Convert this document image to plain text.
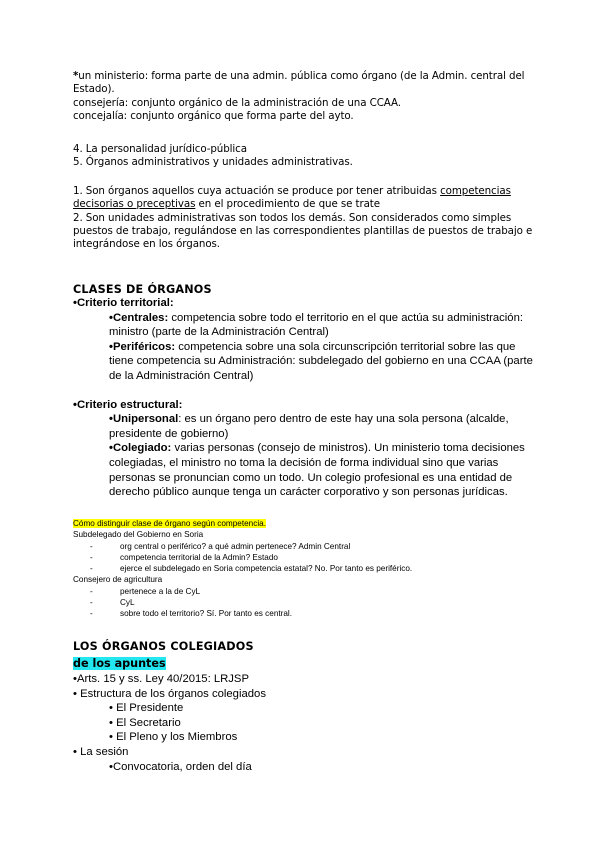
*un ministerio: forma parte de una admin. pública como órgano (de la Admin. central del Estado).
consejería: conjunto orgánico de la administración de una CCAA.
concejalía: conjunto orgánico que forma parte del ayto.
4. La personalidad jurídico-pública
5. Órganos administrativos y unidades administrativas.
1. Son órganos aquellos cuya actuación se produce por tener atribuidas competencias decisorias o preceptivas en el procedimiento de que se trate
2. Son unidades administrativas son todos los demás. Son considerados como simples puestos de trabajo, regulándose en las correspondientes plantillas de puestos de trabajo e integrándose en los órganos.
CLASES DE ÓRGANOS
•Criterio territorial:
•Centrales: competencia sobre todo el territorio en el que actúa su administración: ministro (parte de la Administración Central)
•Periféricos: competencia sobre una sola circunscripción territorial sobre las que tiene competencia su Administración: subdelegado del gobierno en una CCAA (parte de la Administración Central)
•Criterio estructural:
•Unipersonal: es un órgano pero dentro de este hay una sola persona (alcalde, presidente de gobierno)
•Colegiado: varias personas (consejo de ministros). Un ministerio toma decisiones colegiadas, el ministro no toma la decisión de forma individual sino que varias personas se pronuncian como un todo. Un colegio profesional es una entidad de derecho público aunque tenga un carácter corporativo y son personas jurídicas.
Cómo distinguir clase de órgano según competencia.
Subdelegado del Gobierno en Soria
-	org central o periférico? a qué admin pertenece? Admin Central
-	competencia territorial de la Admin? Estado
-	ejerce el subdelegado en Soria competencia estatal? No. Por tanto es periférico.
Consejero de agricultura
-	pertenece a la de CyL
-	CyL
-	sobre todo el territorio? Sí. Por tanto es central.
LOS ÓRGANOS COLEGIADOS
de los apuntes
•Arts. 15 y ss. Ley 40/2015: LRJSP
• Estructura de los órganos colegiados
• El Presidente
• El Secretario
• El Pleno y los Miembros
• La sesión
•Convocatoria, orden del día
